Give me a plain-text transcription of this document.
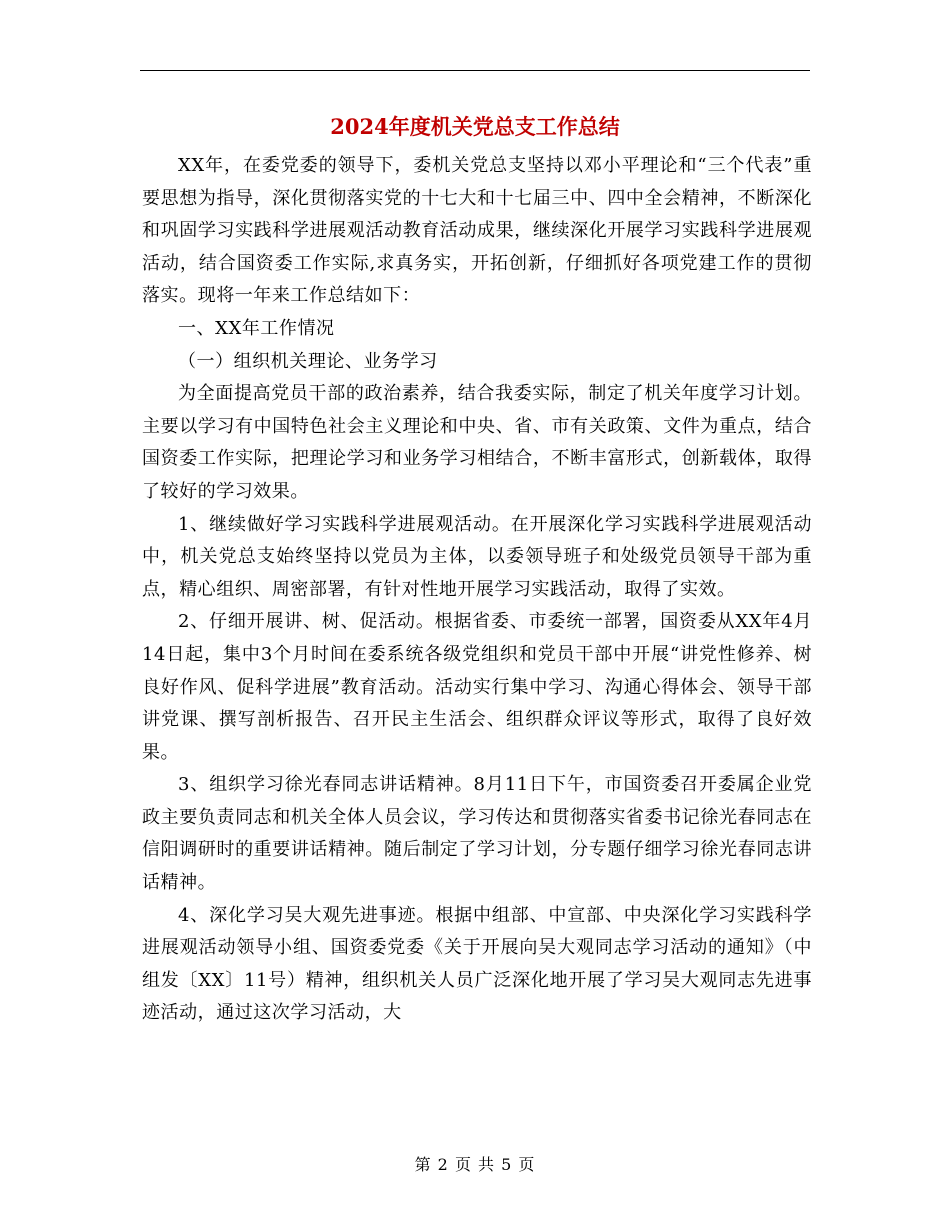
2024年度机关党总支工作总结

XX年，在委党委的领导下，委机关党总支坚持以邓小平理论和“三个代表”重要思想为指导，深化贯彻落实党的十七大和十七届三中、四中全会精神，不断深化和巩固学习实践科学进展观活动教育活动成果，继续深化开展学习实践科学进展观活动，结合国资委工作实际,求真务实，开拓创新，仔细抓好各项党建工作的贯彻落实。现将一年来工作总结如下：

一、XX年工作情况

（一）组织机关理论、业务学习

为全面提高党员干部的政治素养，结合我委实际，制定了机关年度学习计划。主要以学习有中国特色社会主义理论和中央、省、市有关政策、文件为重点，结合国资委工作实际，把理论学习和业务学习相结合，不断丰富形式，创新载体，取得了较好的学习效果。

1、继续做好学习实践科学进展观活动。在开展深化学习实践科学进展观活动中，机关党总支始终坚持以党员为主体，以委领导班子和处级党员领导干部为重点，精心组织、周密部署，有针对性地开展学习实践活动，取得了实效。

2、仔细开展讲、树、促活动。根据省委、市委统一部署，国资委从XX年4月14日起，集中3个月时间在委系统各级党组织和党员干部中开展“讲党性修养、树良好作风、促科学进展”教育活动。活动实行集中学习、沟通心得体会、领导干部讲党课、撰写剖析报告、召开民主生活会、组织群众评议等形式，取得了良好效果。

3、组织学习徐光春同志讲话精神。8月11日下午，市国资委召开委属企业党政主要负责同志和机关全体人员会议，学习传达和贯彻落实省委书记徐光春同志在信阳调研时的重要讲话精神。随后制定了学习计划，分专题仔细学习徐光春同志讲话精神。

4、深化学习吴大观先进事迹。根据中组部、中宣部、中央深化学习实践科学进展观活动领导小组、国资委党委《关于开展向吴大观同志学习活动的通知》（中组发〔XX〕11号）精神，组织机关人员广泛深化地开展了学习吴大观同志先进事迹活动，通过这次学习活动，大

第 2 页 共 5 页
